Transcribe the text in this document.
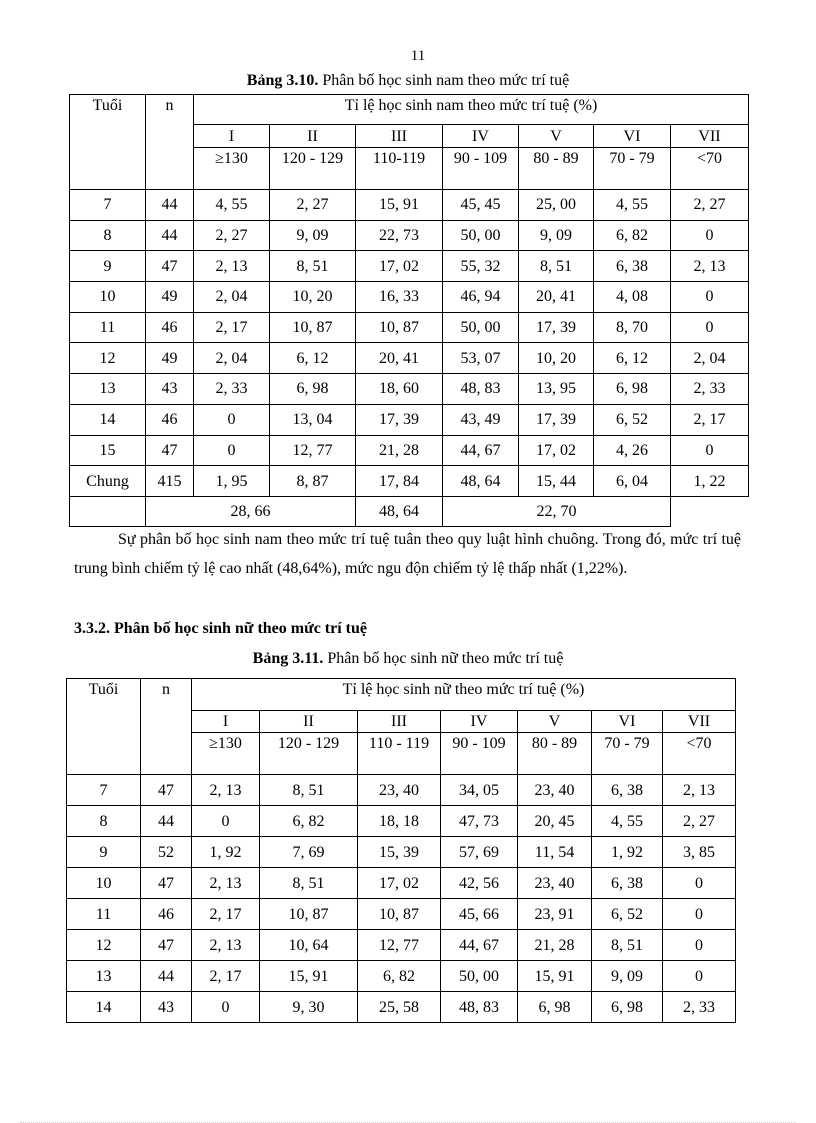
11
Bảng 3.10. Phân bố học sinh nam theo mức trí tuệ
Tuổi	n	Tỉ lệ học sinh nam theo mức trí tuệ (%)						
		I	II	III	IV	V	VI	VII
		≥130	120 - 129	110-119	90 - 109	80 - 89	70 - 79	<70
7	44	4, 55	2, 27	15, 91	45, 45	25, 00	4, 55	2, 27
8	44	2, 27	9, 09	22, 73	50, 00	9, 09	6, 82	0
9	47	2, 13	8, 51	17, 02	55, 32	8, 51	6, 38	2, 13
10	49	2, 04	10, 20	16, 33	46, 94	20, 41	4, 08	0
11	46	2, 17	10, 87	10, 87	50, 00	17, 39	8, 70	0
12	49	2, 04	6, 12	20, 41	53, 07	10, 20	6, 12	2, 04
13	43	2, 33	6, 98	18, 60	48, 83	13, 95	6, 98	2, 33
14	46	0	13, 04	17, 39	43, 49	17, 39	6, 52	2, 17
15	47	0	12, 77	21, 28	44, 67	17, 02	4, 26	0
Chung	415	1, 95	8, 87	17, 84	48, 64	15, 44	6, 04	1, 22
	28, 66			48, 64	22, 70			
Sự phân bố học sinh nam theo mức trí tuệ tuân theo quy luật hình chuông. Trong đó, mức trí tuệ trung bình chiếm tỷ lệ cao nhất (48,64%), mức ngu độn chiếm tỷ lệ thấp nhất (1,22%).
3.3.2. Phân bố học sinh nữ theo mức trí tuệ
Bảng 3.11. Phân bố học sinh nữ theo mức trí tuệ
Tuổi	n	Tỉ lệ học sinh nữ theo mức trí tuệ (%)						
		I	II	III	IV	V	VI	VII
		≥130	120 - 129	110 - 119	90 - 109	80 - 89	70 - 79	<70
7	47	2, 13	8, 51	23, 40	34, 05	23, 40	6, 38	2, 13
8	44	0	6, 82	18, 18	47, 73	20, 45	4, 55	2, 27
9	52	1, 92	7, 69	15, 39	57, 69	11, 54	1, 92	3, 85
10	47	2, 13	8, 51	17, 02	42, 56	23, 40	6, 38	0
11	46	2, 17	10, 87	10, 87	45, 66	23, 91	6, 52	0
12	47	2, 13	10, 64	12, 77	44, 67	21, 28	8, 51	0
13	44	2, 17	15, 91	6, 82	50, 00	15, 91	9, 09	0
14	43	0	9, 30	25, 58	48, 83	6, 98	6, 98	2, 33
